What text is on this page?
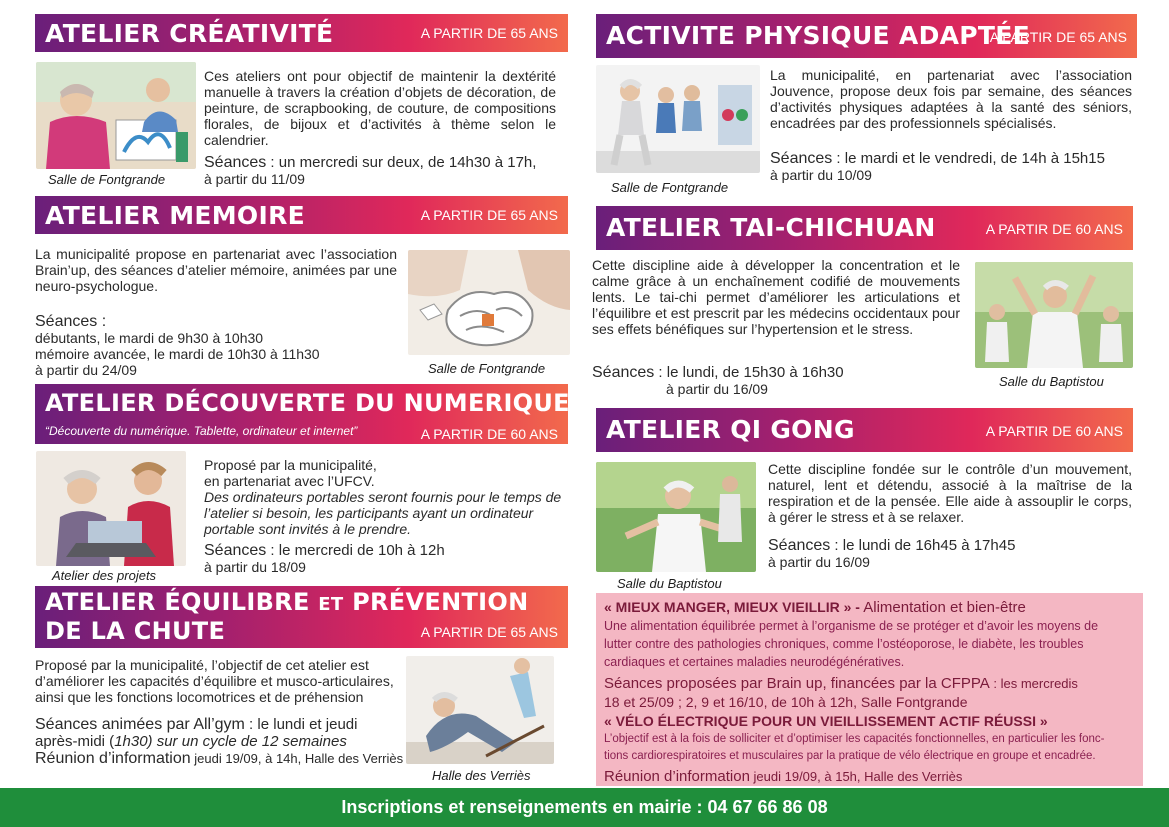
ATELIER CRÉATIVITÉ	A PARTIR DE 65 ANS
Salle de Fontgrande
Ces ateliers ont pour objectif de maintenir la dextérité manuelle à travers la création d’objets de décoration, de peinture, de scrapbooking, de couture, de compositions florales, de bijoux et d’activités à thème selon le calendrier.
Séances : un mercredi sur deux, de 14h30 à 17h,
à partir du 11/09
ATELIER MEMOIRE	A PARTIR DE 65 ANS
La municipalité propose en partenariat avec l’association Brain’up, des séances d’atelier mémoire, animées par une neuro-psychologue.
Salle de Fontgrande
Séances :
débutants, le mardi de 9h30 à 10h30
mémoire avancée, le mardi de 10h30 à 11h30
à partir du 24/09
ATELIER DÉCOUVERTE DU NUMERIQUE
“Découverte du numérique. Tablette, ordinateur et internet”	A PARTIR DE 60 ANS
Atelier des projets
Proposé par la municipalité,
en partenariat avec l’UFCV.
Des ordinateurs portables seront fournis pour le temps de l’atelier si besoin, les participants ayant un ordinateur portable sont invités à le prendre.
Séances : le mercredi de 10h à 12h
à partir du 18/09
ATELIER ÉQUILIBRE ET PRÉVENTION
DE LA CHUTE	A PARTIR DE 65 ANS
Proposé par la municipalité, l’objectif de cet atelier est d’améliorer les capacités d’équilibre et musco-articulaires, ainsi que les fonctions locomotrices et de préhension
Halle des Verriès
Séances animées par All’gym : le lundi et jeudi
après-midi (1h30) sur un cycle de 12 semaines
Réunion d’information jeudi 19/09, à 14h, Halle des Verriès
ACTIVITE PHYSIQUE ADAPTÉE
A PARTIR DE 65 ANS
Salle de Fontgrande
La municipalité, en partenariat avec l’association Jouvence, propose deux fois par semaine, des séances d’activités physiques adaptées à la santé des séniors, encadrées par des professionnels spécialisés.
Séances : le mardi et le vendredi, de 14h à 15h15
à partir du 10/09
ATELIER TAI-CHICHUAN	A PARTIR DE 60 ANS
Cette discipline aide à développer la concentration et le calme grâce à un enchaînement codifié de mouvements lents. Le tai-chi permet d’améliorer les articulations et l’équilibre et est prescrit par les médecins occidentaux pour ses effets bénéfiques sur l’hypertension et le stress.
Salle du Baptistou
Séances : le lundi, de 15h30 à 16h30
à partir du 16/09
ATELIER QI GONG	A PARTIR DE 60 ANS
Salle du Baptistou
Cette discipline fondée sur le contrôle d’un mouvement, naturel, lent et détendu, associé à la maîtrise de la respiration et de la pensée. Elle aide à assouplir le corps, à gérer le stress et à se relaxer.
Séances : le lundi de 16h45 à 17h45
à partir du 16/09
« MIEUX MANGER, MIEUX VIEILLIR » - Alimentation et bien-être
Une alimentation équilibrée permet à l’organisme de se protéger et d’avoir les moyens de
lutter contre des pathologies chroniques, comme l’ostéoporose, le diabète, les troubles
cardiaques et certaines maladies neurodégénératives.
Séances proposées par Brain up, financées par la CFPPA : les mercredis
18 et 25/09 ; 2, 9 et 16/10, de 10h à 12h, Salle Fontgrande
« VÉLO ÉLECTRIQUE POUR UN VIEILLISSEMENT ACTIF RÉUSSI »
L’objectif est à la fois de solliciter et d’optimiser les capacités fonctionnelles, en particulier les fonc-
tions cardiorespiratoires et musculaires par la pratique de vélo électrique en groupe et encadrée.
Réunion d’information jeudi 19/09, à 15h, Halle des Verriès
Inscriptions et renseignements en mairie : 04 67 66 86 08
